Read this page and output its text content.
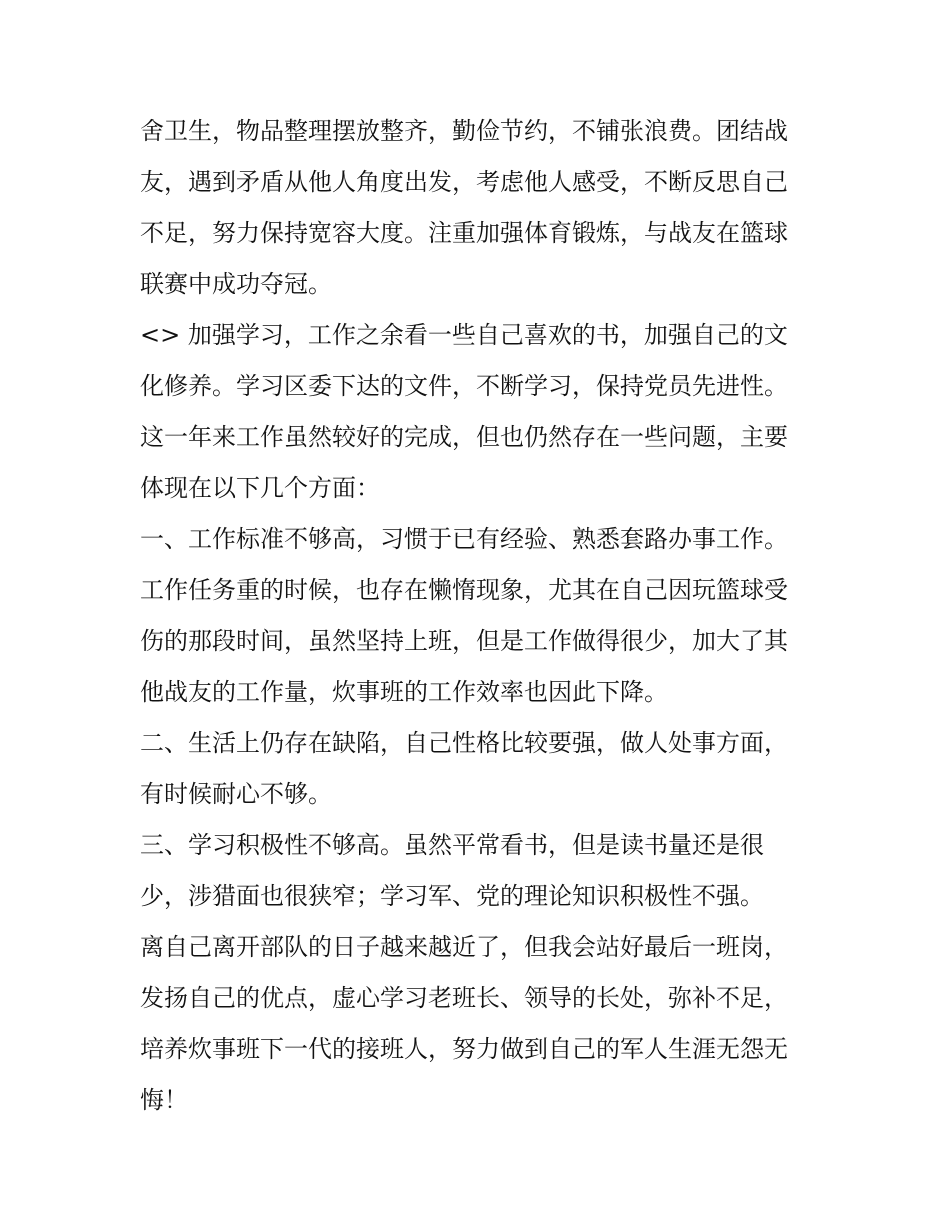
舍卫生，物品整理摆放整齐，勤俭节约，不铺张浪费。团结战

友，遇到矛盾从他人角度出发，考虑他人感受，不断反思自己

不足，努力保持宽容大度。注重加强体育锻炼，与战友在篮球

联赛中成功夺冠。

<> 加强学习，工作之余看一些自己喜欢的书，加强自己的文

化修养。学习区委下达的文件，不断学习，保持党员先进性。

这一年来工作虽然较好的完成，但也仍然存在一些问题，主要

体现在以下几个方面：

一、工作标准不够高，习惯于已有经验、熟悉套路办事工作。

工作任务重的时候，也存在懒惰现象，尤其在自己因玩篮球受

伤的那段时间，虽然坚持上班，但是工作做得很少，加大了其

他战友的工作量，炊事班的工作效率也因此下降。

二、生活上仍存在缺陷，自己性格比较要强，做人处事方面，

有时候耐心不够。

三、学习积极性不够高。虽然平常看书，但是读书量还是很

少，涉猎面也很狭窄；学习军、党的理论知识积极性不强。

离自己离开部队的日子越来越近了，但我会站好最后一班岗，

发扬自己的优点，虚心学习老班长、领导的长处，弥补不足，

培养炊事班下一代的接班人，努力做到自己的军人生涯无怨无

悔！
